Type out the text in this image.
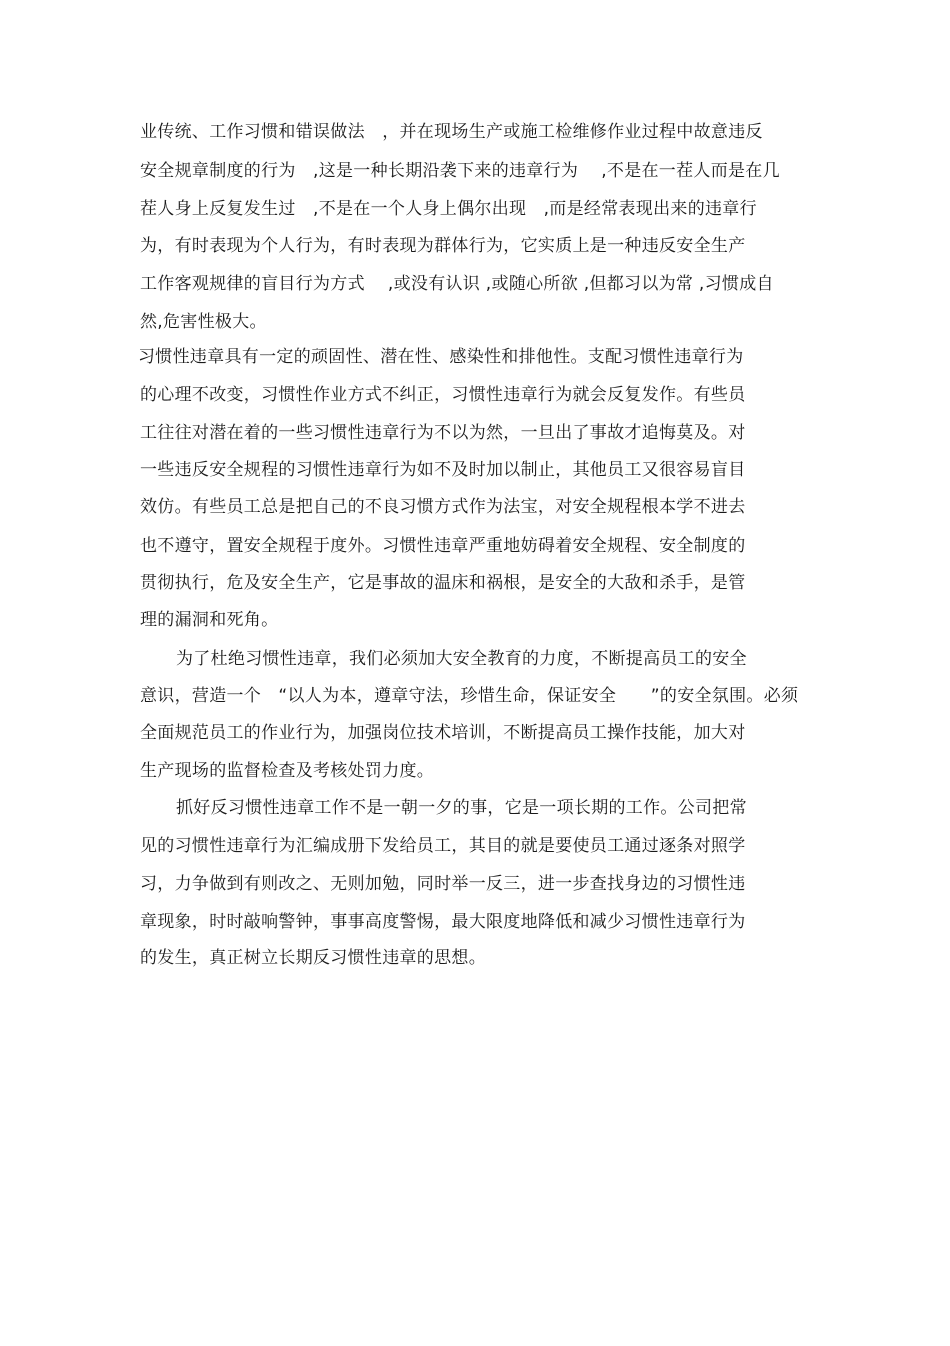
业传统、工作习惯和错误做法　，并在现场生产或施工检维修作业过程中故意违反
安全规章制度的行为　,这是一种长期沿袭下来的违章行为　 ,不是在一茬人而是在几
茬人身上反复发生过　,不是在一个人身上偶尔出现　,而是经常表现出来的违章行
为，有时表现为个人行为，有时表现为群体行为，它实质上是一种违反安全生产
工作客观规律的盲目行为方式　 ,或没有认识 ,或随心所欲 ,但都习以为常 ,习惯成自
然,危害性极大。
习惯性违章具有一定的顽固性、潜在性、感染性和排他性。支配习惯性违章行为
的心理不改变，习惯性作业方式不纠正，习惯性违章行为就会反复发作。有些员
工往往对潜在着的一些习惯性违章行为不以为然，一旦出了事故才追悔莫及。对
一些违反安全规程的习惯性违章行为如不及时加以制止，其他员工又很容易盲目
效仿。有些员工总是把自己的不良习惯方式作为法宝，对安全规程根本学不进去
也不遵守，置安全规程于度外。习惯性违章严重地妨碍着安全规程、安全制度的
贯彻执行，危及安全生产，它是事故的温床和祸根，是安全的大敌和杀手，是管
理的漏洞和死角。
为了杜绝习惯性违章，我们必须加大安全教育的力度，不断提高员工的安全
意识，营造一个　“以人为本，遵章守法，珍惜生命，保证安全　　”的安全氛围。必须
全面规范员工的作业行为，加强岗位技术培训，不断提高员工操作技能，加大对
生产现场的监督检查及考核处罚力度。
抓好反习惯性违章工作不是一朝一夕的事，它是一项长期的工作。公司把常
见的习惯性违章行为汇编成册下发给员工，其目的就是要使员工通过逐条对照学
习，力争做到有则改之、无则加勉，同时举一反三，进一步查找身边的习惯性违
章现象，时时敲响警钟，事事高度警惕，最大限度地降低和减少习惯性违章行为
的发生，真正树立长期反习惯性违章的思想。
